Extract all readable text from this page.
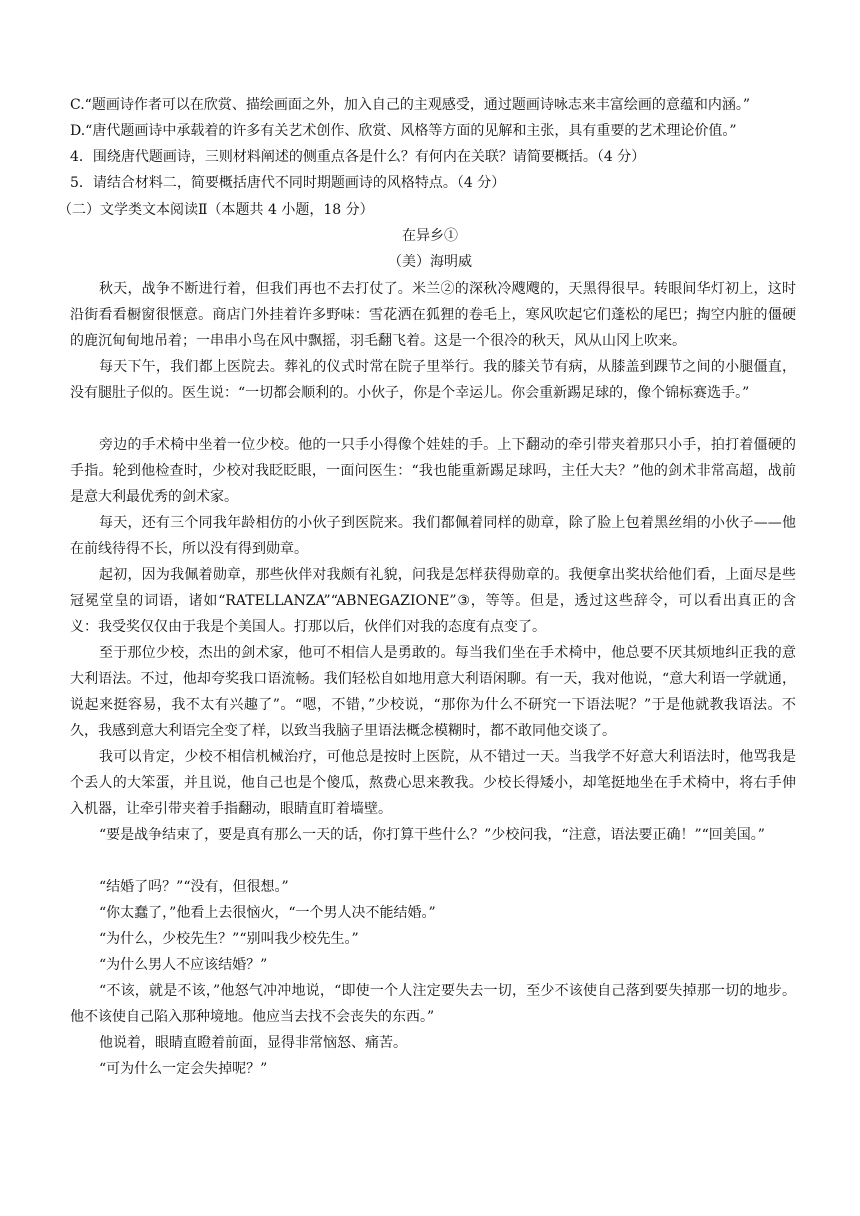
C.“题画诗作者可以在欣赏、描绘画面之外，加入自己的主观感受，通过题画诗咏志来丰富绘画的意蕴和内涵。”
D.“唐代题画诗中承载着的许多有关艺术创作、欣赏、风格等方面的见解和主张，具有重要的艺术理论价值。”
4．围绕唐代题画诗，三则材料阐述的侧重点各是什么？有何内在关联？请简要概括。（4 分）
5．请结合材料二，简要概括唐代不同时期题画诗的风格特点。（4 分）
（二）文学类文本阅读Ⅱ（本题共 4 小题，18 分）
在异乡①
（美）海明威
秋天，战争不断进行着，但我们再也不去打仗了。米兰②的深秋冷飕飕的，天黑得很早。转眼间华灯初上，这时沿街看看橱窗很惬意。商店门外挂着许多野味：雪花洒在狐狸的卷毛上，寒风吹起它们蓬松的尾巴；掏空内脏的僵硬的鹿沉甸甸地吊着；一串串小鸟在风中飘摇，羽毛翻飞着。这是一个很冷的秋天，风从山冈上吹来。
每天下午，我们都上医院去。葬礼的仪式时常在院子里举行。我的膝关节有病，从膝盖到踝节之间的小腿僵直，没有腿肚子似的。医生说：“一切都会顺利的。小伙子，你是个幸运儿。你会重新踢足球的，像个锦标赛选手。”
旁边的手术椅中坐着一位少校。他的一只手小得像个娃娃的手。上下翻动的牵引带夹着那只小手，拍打着僵硬的手指。轮到他检查时，少校对我眨眨眼，一面问医生：“我也能重新踢足球吗，主任大夫？”他的剑术非常高超，战前是意大利最优秀的剑术家。
每天，还有三个同我年龄相仿的小伙子到医院来。我们都佩着同样的勋章，除了脸上包着黑丝绢的小伙子——他在前线待得不长，所以没有得到勋章。
起初，因为我佩着勋章，那些伙伴对我颇有礼貌，问我是怎样获得勋章的。我便拿出奖状给他们看，上面尽是些冠冕堂皇的词语，诸如“RATELLANZA”“ABNEGAZIONE”③，等等。但是，透过这些辞令，可以看出真正的含义：我受奖仅仅由于我是个美国人。打那以后，伙伴们对我的态度有点变了。
至于那位少校，杰出的剑术家，他可不相信人是勇敢的。每当我们坐在手术椅中，他总要不厌其烦地纠正我的意大利语法。不过，他却夸奖我口语流畅。我们轻松自如地用意大利语闲聊。有一天，我对他说，“意大利语一学就通，说起来挺容易，我不太有兴趣了”。“嗯，不错，”少校说，“那你为什么不研究一下语法呢？”于是他就教我语法。不久，我感到意大利语完全变了样，以致当我脑子里语法概念模糊时，都不敢同他交谈了。
我可以肯定，少校不相信机械治疗，可他总是按时上医院，从不错过一天。当我学不好意大利语法时，他骂我是个丢人的大笨蛋，并且说，他自己也是个傻瓜，熬费心思来教我。少校长得矮小，却笔挺地坐在手术椅中，将右手伸入机器，让牵引带夹着手指翻动，眼睛直盯着墙壁。
“要是战争结束了，要是真有那么一天的话，你打算干些什么？”少校问我，“注意，语法要正确！”“回美国。”
“结婚了吗？”“没有，但很想。”
“你太蠢了，”他看上去很恼火，“一个男人决不能结婚。”
“为什么，少校先生？”“别叫我少校先生。”
“为什么男人不应该结婚？”
“不该，就是不该，”他怒气冲冲地说，“即使一个人注定要失去一切，至少不该使自己落到要失掉那一切的地步。他不该使自己陷入那种境地。他应当去找不会丧失的东西。”
他说着，眼睛直瞪着前面，显得非常恼怒、痛苦。
“可为什么一定会失掉呢？”
